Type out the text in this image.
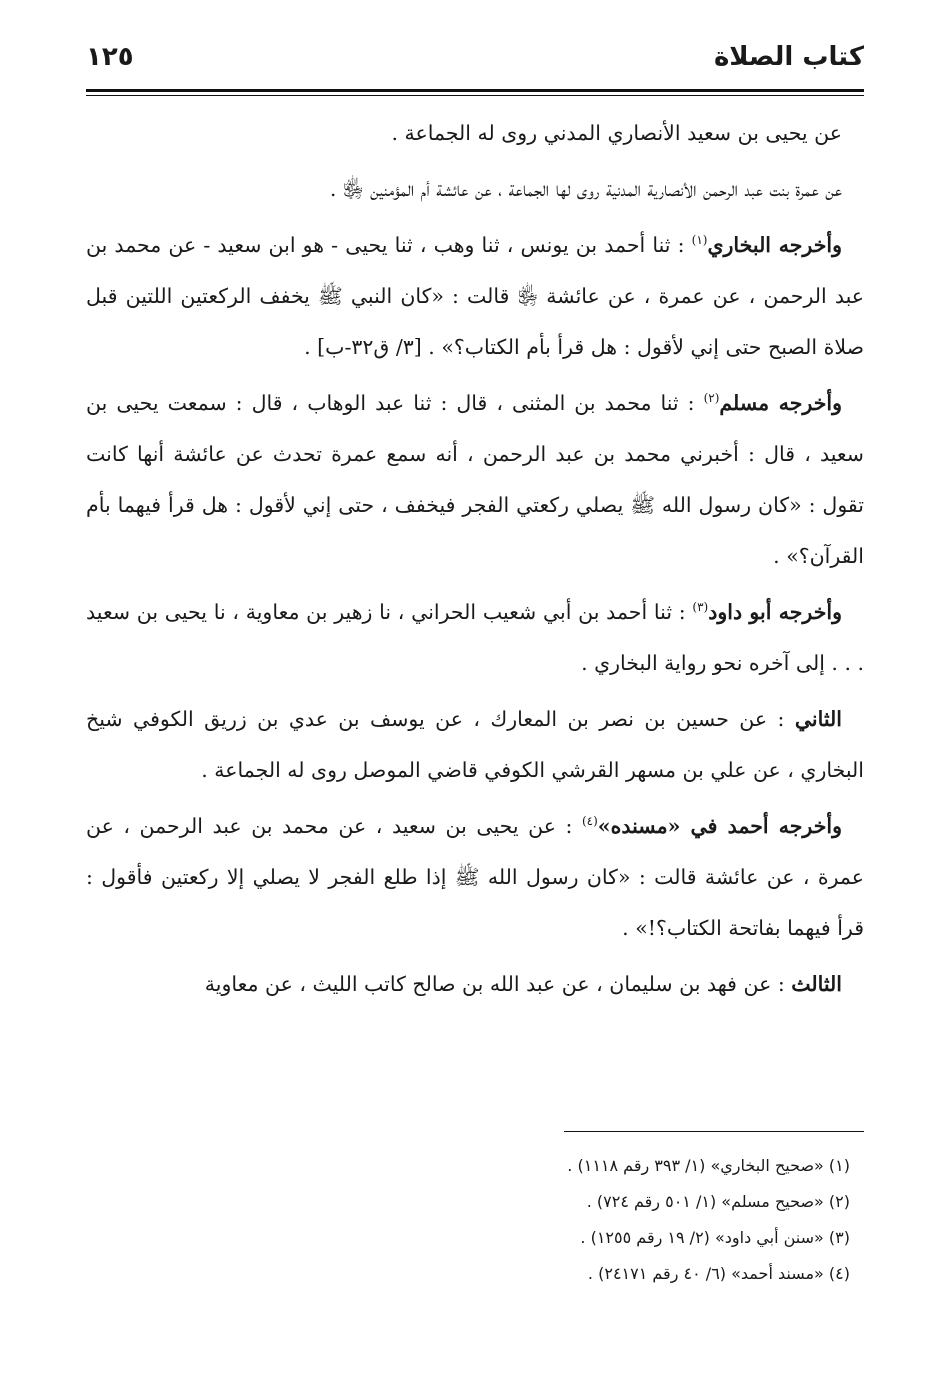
كتاب الصلاة
١٢٥

عن يحيى بن سعيد الأنصاري المدني روى له الجماعة .

عن عمرة بنت عبد الرحمن الأنصارية المدنية روى لها الجماعة ، عن عائشة أم المؤمنين ﵂ .

وأخرجه البخاري$^{(١)}$ : ثنا أحمد بن يونس ، ثنا وهب ، ثنا يحيى - هو ابن سعيد - عن محمد بن عبد الرحمن ، عن عمرة ، عن عائشة ﵂ قالت : «كان النبي ﷺ يخفف الركعتين اللتين قبل صلاة الصبح حتى إني لأقول : هل قرأ بأم الكتاب؟» . [٣/ ق٣٢-ب] .

وأخرجه مسلم$^{(٢)}$ : ثنا محمد بن المثنى ، قال : ثنا عبد الوهاب ، قال : سمعت يحيى بن سعيد ، قال : أخبرني محمد بن عبد الرحمن ، أنه سمع عمرة تحدث عن عائشة أنها كانت تقول : «كان رسول الله ﷺ يصلي ركعتي الفجر فيخفف ، حتى إني لأقول : هل قرأ فيهما بأم القرآن؟» .

وأخرجه أبو داود$^{(٣)}$ : ثنا أحمد بن أبي شعيب الحراني ، نا زهير بن معاوية ، نا يحيى بن سعيد . . . إلى آخره نحو رواية البخاري .

الثاني : عن حسين بن نصر بن المعارك ، عن يوسف بن عدي بن زريق الكوفي شيخ البخاري ، عن علي بن مسهر القرشي الكوفي قاضي الموصل روى له الجماعة .

وأخرجه أحمد في «مسنده»$^{(٤)}$ : عن يحيى بن سعيد ، عن محمد بن عبد الرحمن ، عن عمرة ، عن عائشة قالت : «كان رسول الله ﷺ إذا طلع الفجر لا يصلي إلا ركعتين فأقول : قرأ فيهما بفاتحة الكتاب؟!» .

الثالث : عن فهد بن سليمان ، عن عبد الله بن صالح كاتب الليث ، عن معاوية

(١) «صحيح البخاري» (١/ ٣٩٣ رقم ١١١٨) .

(٢) «صحيح مسلم» (١/ ٥٠١ رقم ٧٢٤) .

(٣) «سنن أبي داود» (٢/ ١٩ رقم ١٢٥٥) .

(٤) «مسند أحمد» (٦/ ٤٠ رقم ٢٤١٧١) .
